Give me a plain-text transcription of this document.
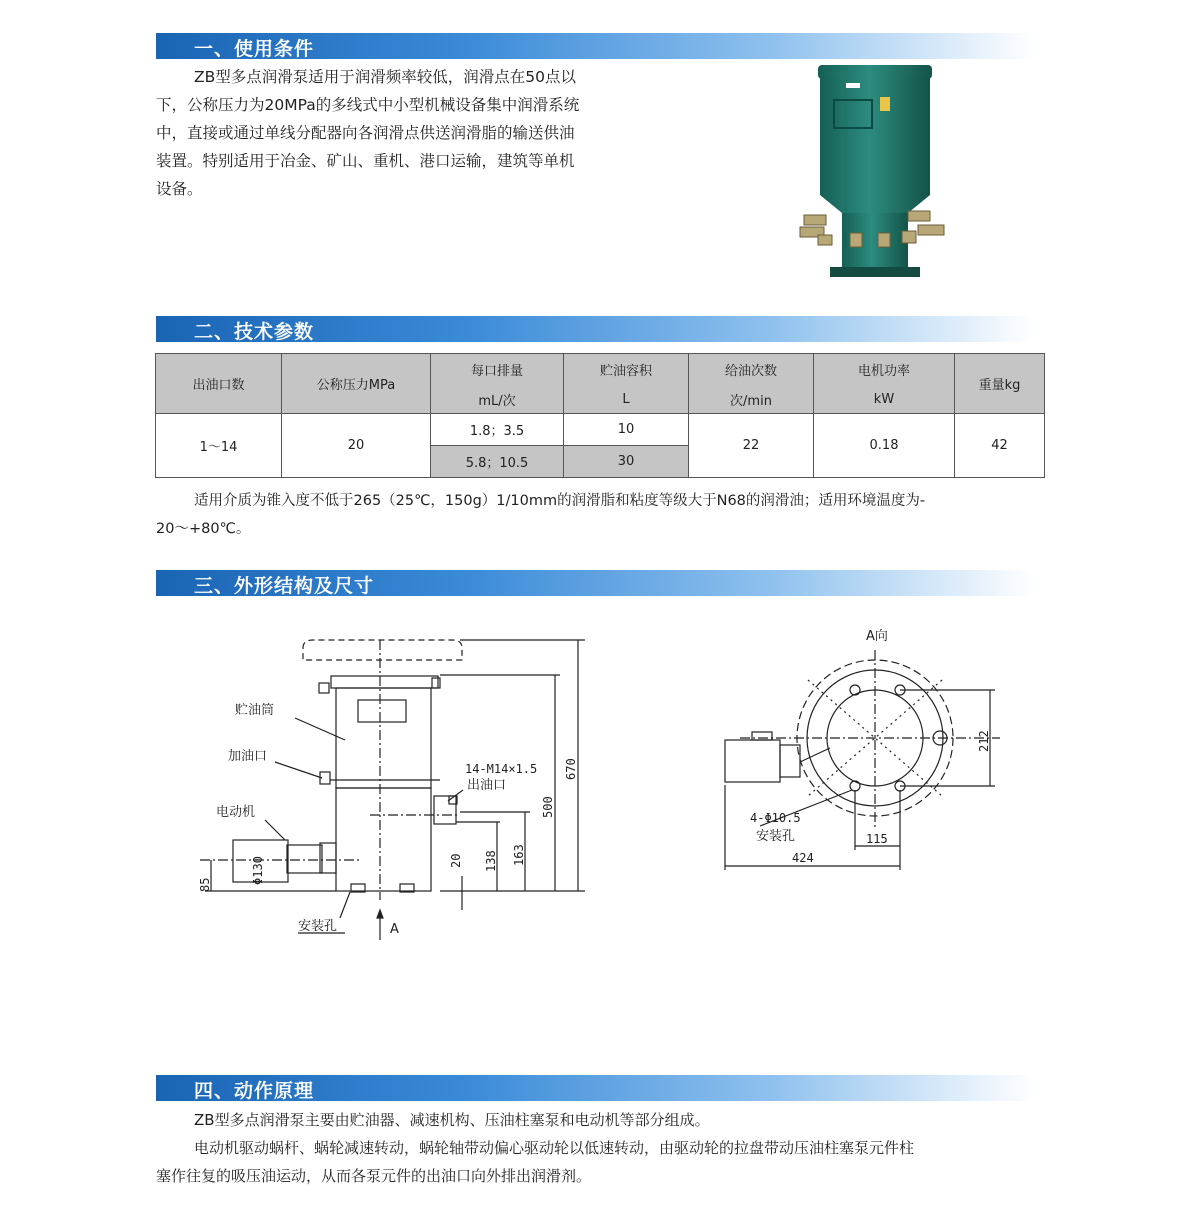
一、使用条件
ZB型多点润滑泵适用于润滑频率较低，润滑点在50点以
下，公称压力为20MPa的多线式中小型机械设备集中润滑系统
中，直接或通过单线分配器向各润滑点供送润滑脂的输送供油
装置。特别适用于冶金、矿山、重机、港口运输，建筑等单机
设备。
二、技术参数
出油口数	公称压力MPa	每口排量	贮油容积	给油次数	电机功率	重量kg
		mL/次	L	次/min	kW	
1～14	20	1.8；3.5	10	22	0.18	42
		5.8；10.5	30			
适用介质为锥入度不低于265（25℃，150g）1/10mm的润滑脂和粘度等级大于N68的润滑油；适用环境温度为-
20～+80℃。
三、外形结构及尺寸
贮油筒
加油口
电动机
安装孔
14-M14×1.5
出油口
A
Φ130
85
20 138 163
500
670
A向
4-Φ10.5
安装孔
212
115
424
四、动作原理
ZB型多点润滑泵主要由贮油器、减速机构、压油柱塞泵和电动机等部分组成。
电动机驱动蜗杆、蜗轮减速转动，蜗轮轴带动偏心驱动轮以低速转动，由驱动轮的拉盘带动压油柱塞泵元件柱
塞作往复的吸压油运动，从而各泵元件的出油口向外排出润滑剂。
